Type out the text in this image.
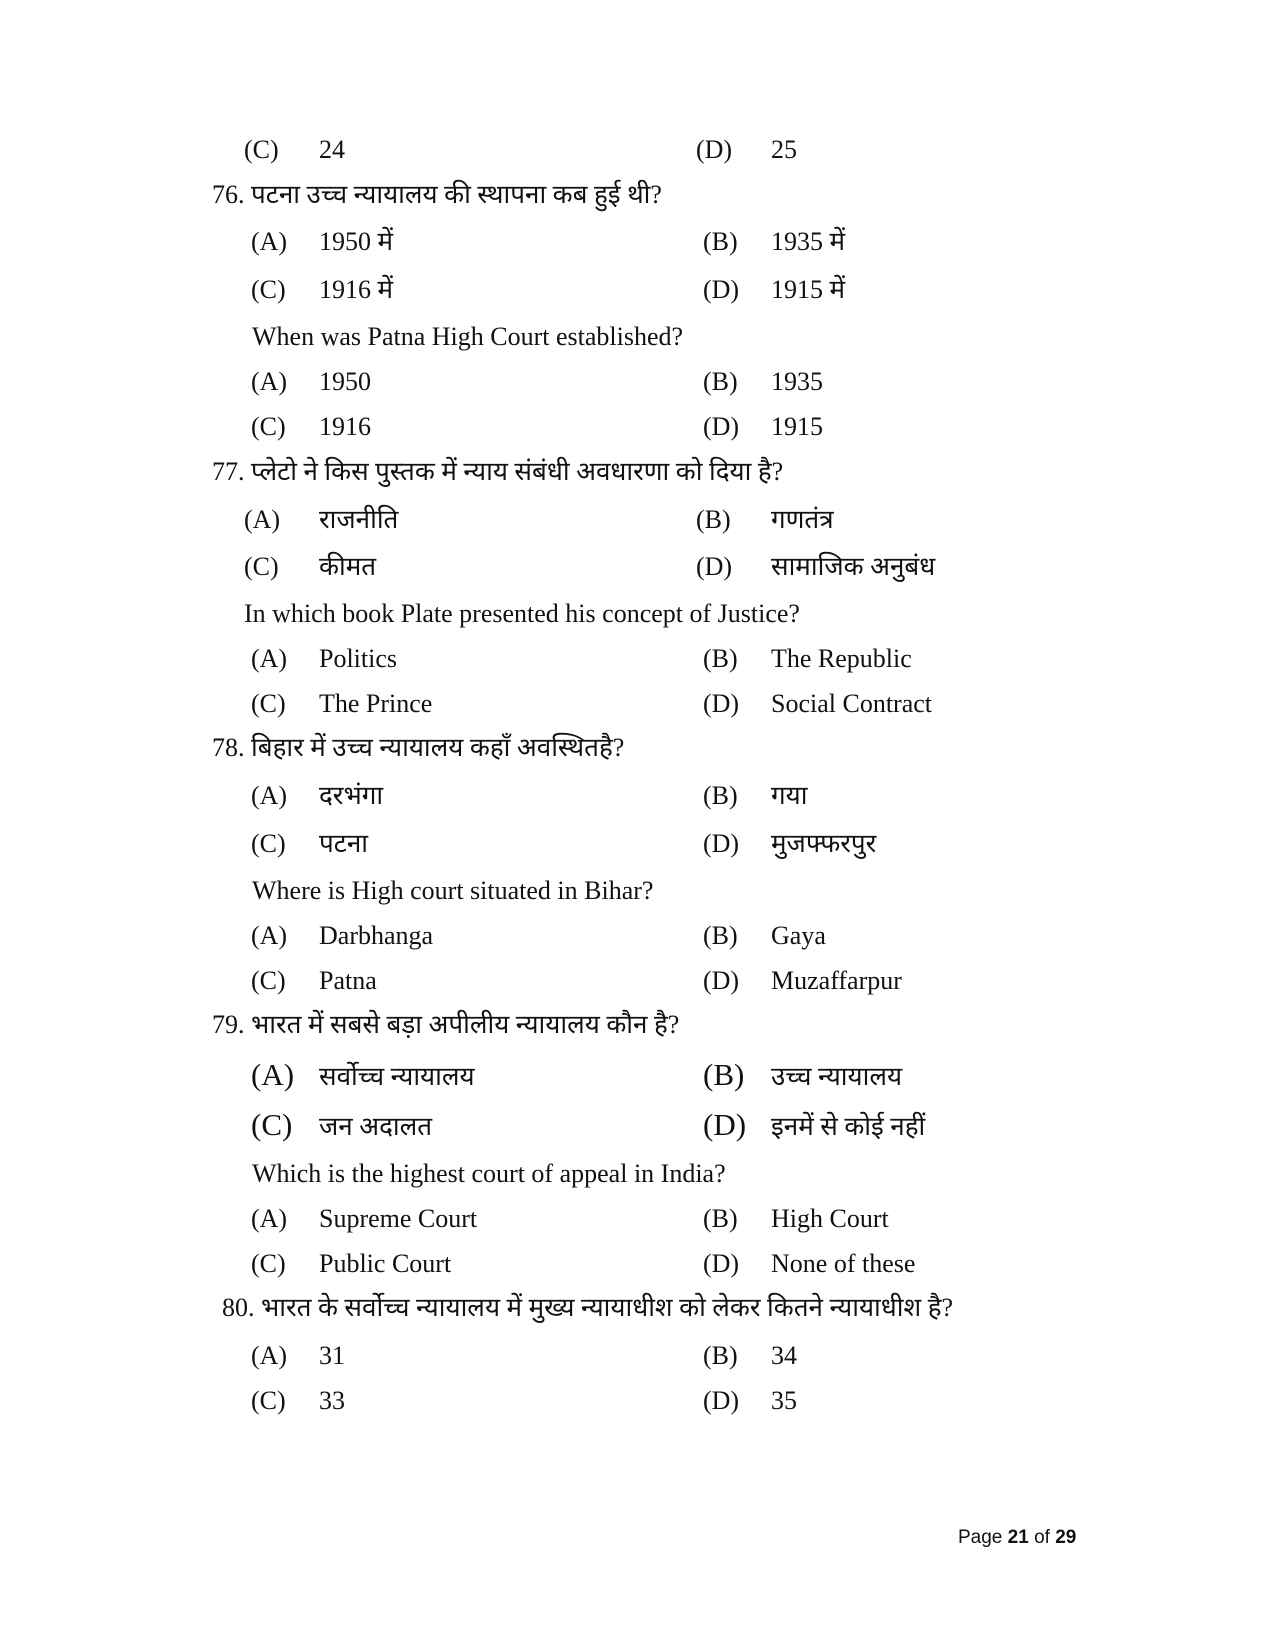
(C) 24	(D) 25
76. पटना उच्च न्यायालय की स्थापना कब हुई थी?
(A) 1950 में	(B) 1935 में
(C) 1916 में	(D) 1915 में
When was Patna High Court established?
(A) 1950	(B) 1935
(C) 1916	(D) 1915
77. प्लेटो ने किस पुस्तक में न्याय संबंधी अवधारणा को दिया है?
(A) राजनीति	(B) गणतंत्र
(C) कीमत	(D) सामाजिक अनुबंध
In which book Plate presented his concept of Justice?
(A) Politics	(B) The Republic
(C) The Prince	(D) Social Contract
78. बिहार में उच्च न्यायालय कहाँ अवस्थितहै?
(A) दरभंगा	(B) गया
(C) पटना	(D) मुजफ्फरपुर
Where is High court situated in Bihar?
(A) Darbhanga	(B) Gaya
(C) Patna	(D) Muzaffarpur
79. भारत में सबसे बड़ा अपीलीय न्यायालय कौन है?
(A) सर्वोच्च न्यायालय	(B) उच्च न्यायालय
(C) जन अदालत	(D) इनमें से कोई नहीं
Which is the highest court of appeal in India?
(A) Supreme Court	(B) High Court
(C) Public Court	(D) None of these
80. भारत के सर्वोच्च न्यायालय में मुख्य न्यायाधीश को लेकर कितने न्यायाधीश है?
(A) 31	(B) 34
(C) 33	(D) 35
Page 21 of 29
